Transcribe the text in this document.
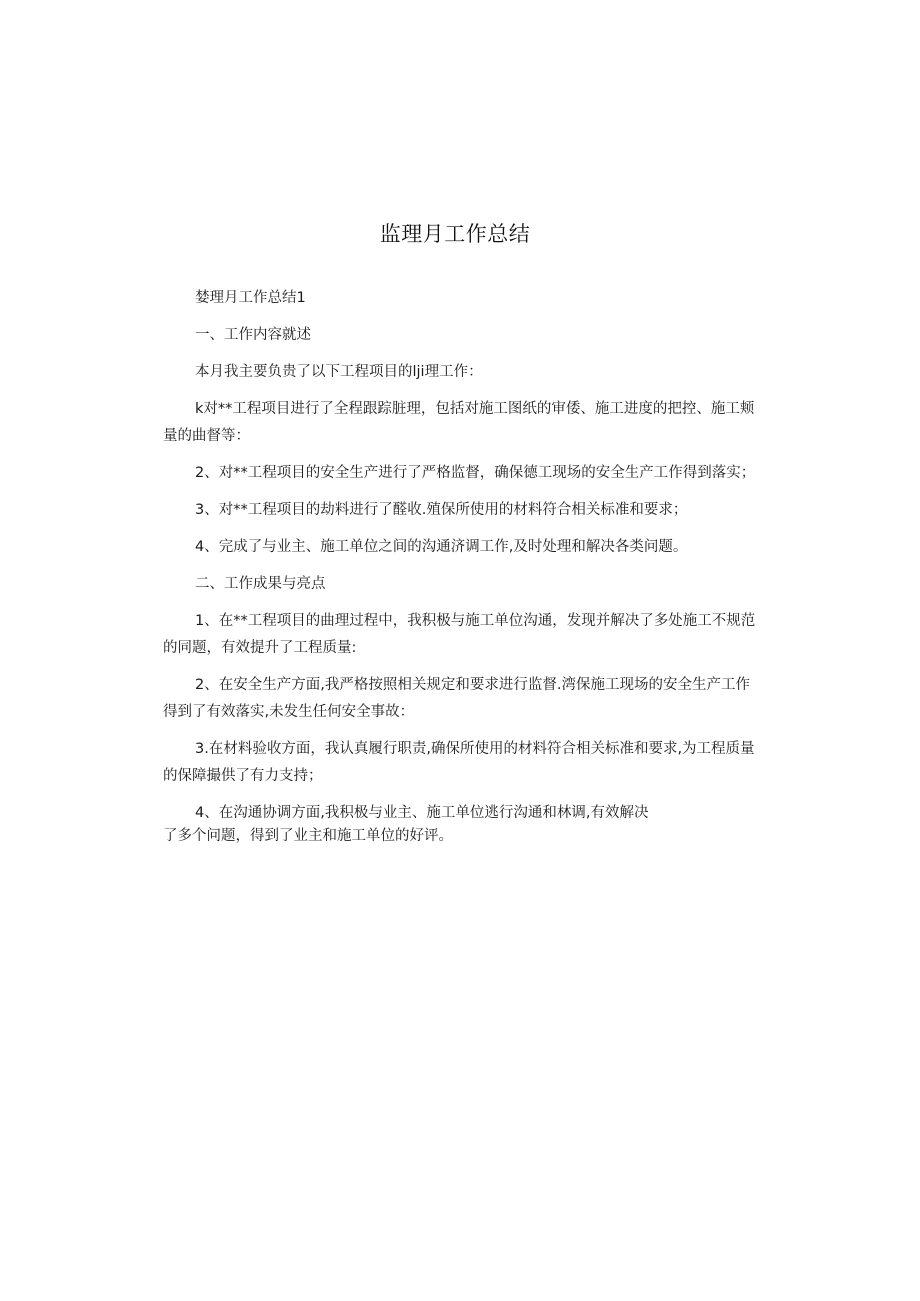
监理月工作总结

婪理月工作总结1

一、工作内容就述

本月我主要负贵了以下工程项目的lji理工作：

k对**工程项目进行了全程跟踪脏理，包括对施工图纸的审倭、施工进度的把控、施工颊量的曲督等：

2、对**工程项目的安全生产进行了严格监督，确保德工现场的安全生产工作得到落实；

3、对**工程项目的劫料进行了醛收.殖保所使用的材料符合相关标准和要求；

4、完成了与业主、施工单位之间的沟通济调工作,及时处理和解决各类问题。

二、工作成果与亮点

1、在**工程项目的曲理过程中，我积极与施工单位沟通，发现并解决了多处施工不规范的同题，有效提升了工程质量:

2、在安全生产方面,我严格按照相关规定和要求进行监督.湾保施工现场的安全生产工作得到了有效落实,未发生任何安全事故：

3.在材料验收方面，我认真履行职责,确保所使用的材料符合相关标准和要求,为工程质量的保障撮供了有力支持；

4、在沟通协调方面,我积极与业主、施工单位逃行沟通和林调,有效解决

了多个问题，得到了业主和施工单位的好评。
